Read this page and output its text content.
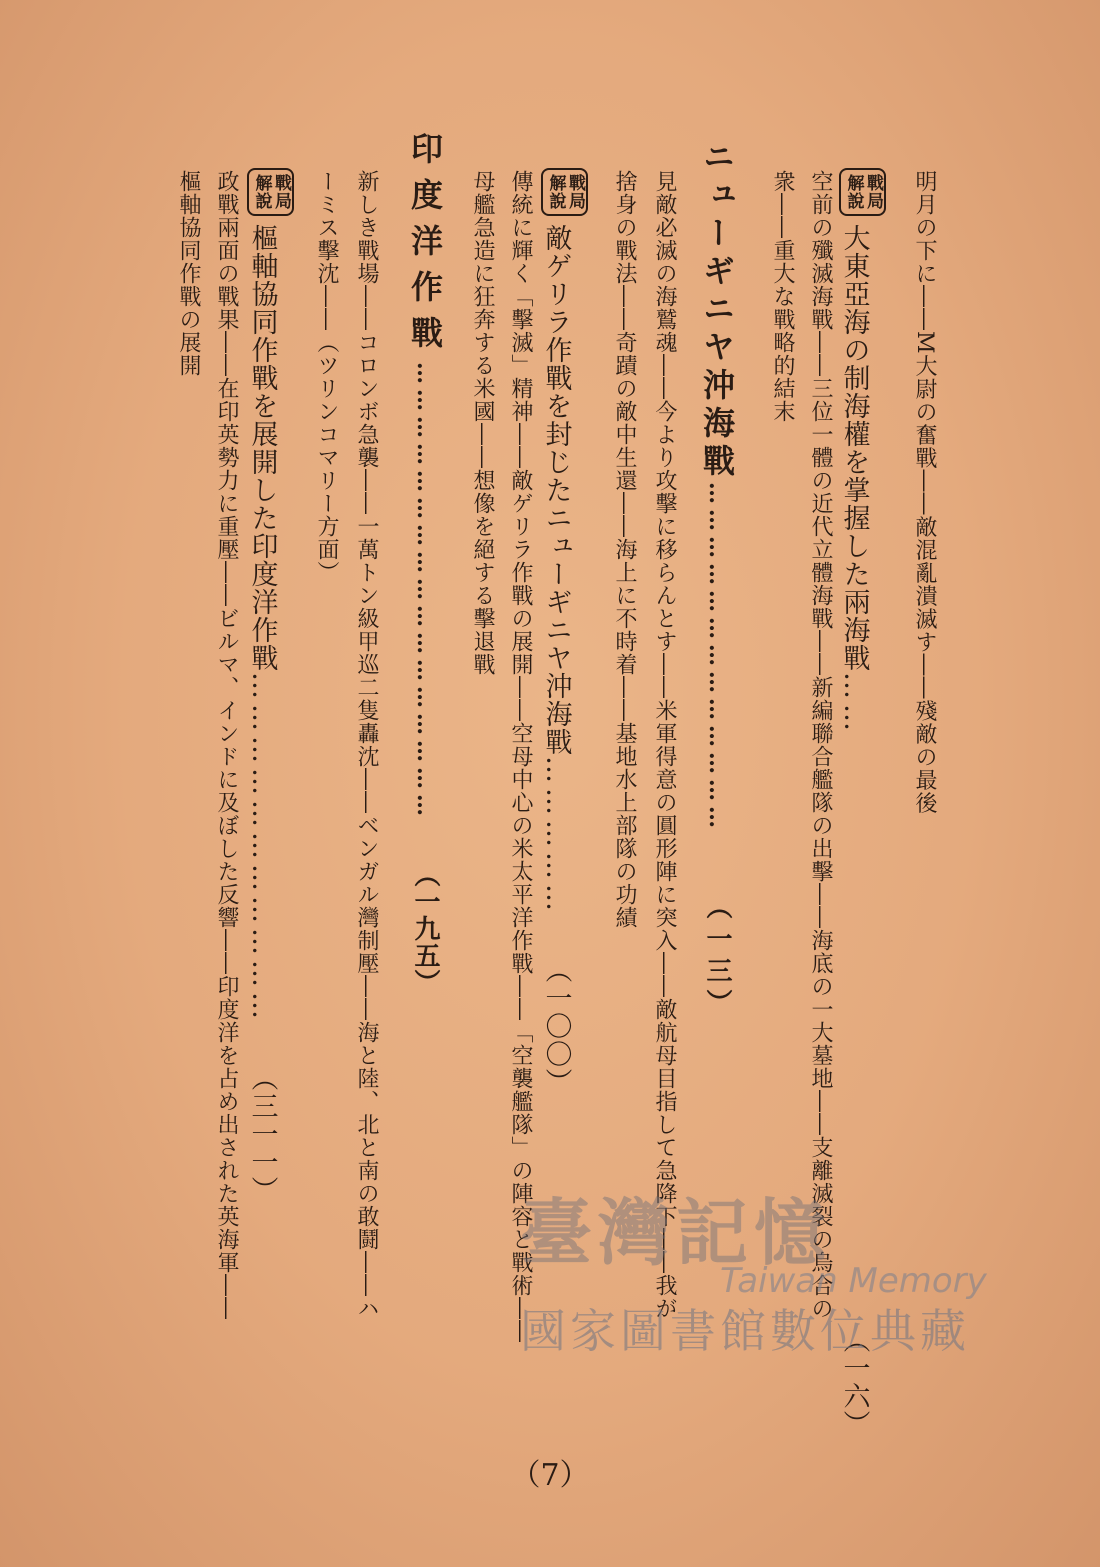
明月の下に――M大尉の奮戰――敵混亂潰滅す――殘敵の最後
戰局
解說
大東亞海の制海權を掌握した兩海戰……（一六）
空前の殲滅海戰――三位一體の近代立體海戰――新編聯合艦隊の出擊――海底の一大墓地――支離滅裂の烏合の
衆――重大な戰略的結末
ニューギニヤ沖海戰…………………………………（一三）
見敵必滅の海鷲魂――今より攻擊に移らんとす――米軍得意の圓形陣に突入――敵航母目指して急降下――我が
捨身の戰法――奇蹟の敵中生還――海上に不時着――基地水上部隊の功績
戰局
解說
敵ゲリラ作戰を封じたニューギニヤ沖海戰……………（一〇〇）
傳統に輝く「擊滅」精神――敵ゲリラ作戰の展開――空母中心の米太平洋作戰――「空襲艦隊」の陣容と戰術――
母艦急造に狂奔する米國――想像を絕する擊退戰
印度洋作戰……………………………………………（一九五）
新しき戰場――コロンボ急襲――一萬トン級甲巡二隻轟沈――ベンガル灣制壓――海と陸、北と南の敢鬪――ハ
ーミス擊沈――（ツリンコマリー方面）
戰局
解說
樞軸協同作戰を展開した印度洋作戰……………………………（三一一）
政戰兩面の戰果――在印英勢力に重壓――ビルマ、インドに及ぼした反響――印度洋を占め出された英海軍――
樞軸協同作戰の展開
（7）
臺灣記憶
Taiwan Memory
國家圖書館數位典藏
